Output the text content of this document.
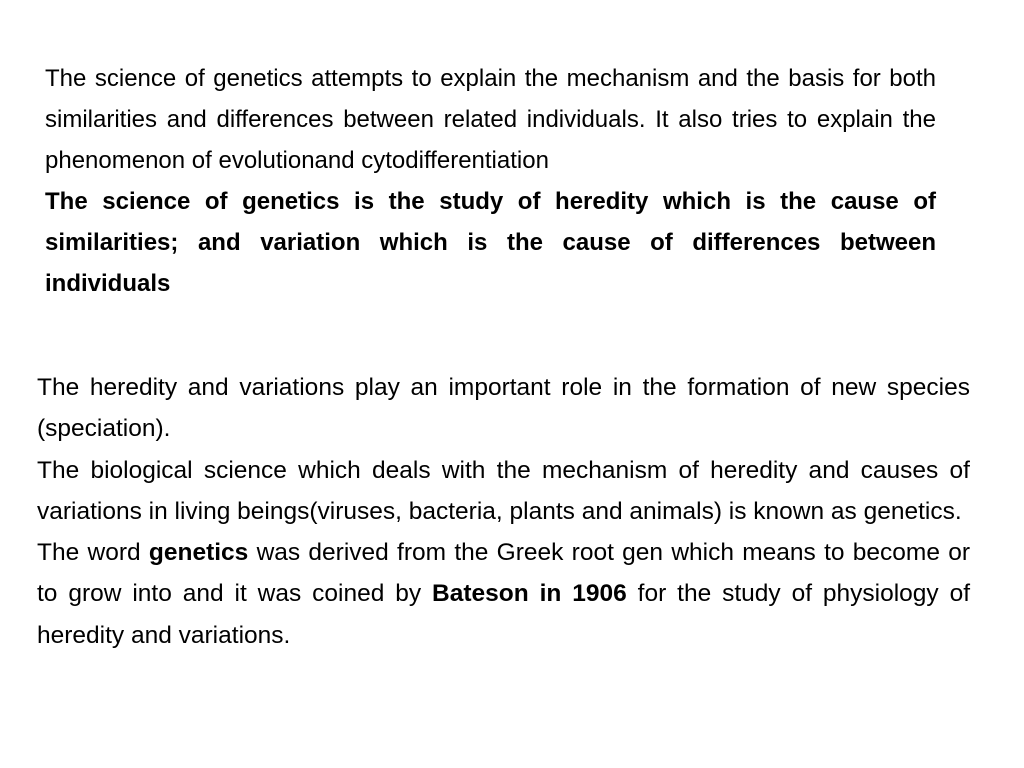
The science of genetics attempts to explain the mechanism and the basis for both similarities and differences between related individuals. It also tries to explain the phenomenon of evolutionand cytodifferentiation

The science of genetics is the study of heredity which is the cause of similarities; and variation which is the cause of differences between individuals

The heredity and variations play an important role in the formation of new species (speciation).

The biological science which deals with the mechanism of heredity and causes of variations in living beings(viruses, bacteria, plants and animals) is known as genetics.

The word genetics was derived from the Greek root gen which means to become or to grow into and it was coined by Bateson in 1906 for the study of physiology of heredity and variations.
